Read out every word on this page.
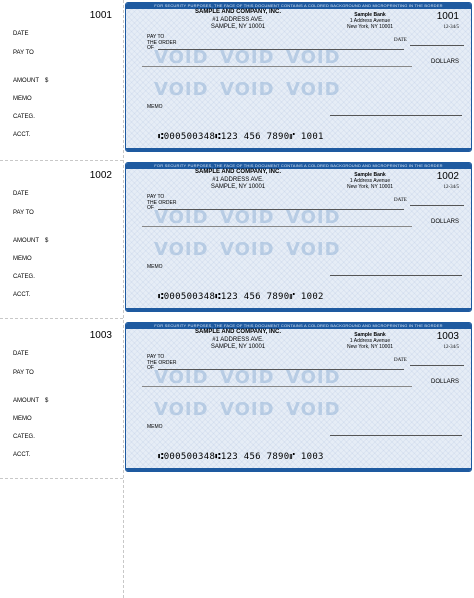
1001
DATE
PAY TO
AMOUNT $
MEMO
CATEG.
ACCT.
FOR SECURITY PURPOSES, THE FACE OF THIS DOCUMENT CONTAINS A COLORED BACKGROUND AND MICROPRINTING IN THE BORDER
SAMPLE AND COMPANY, INC.
#1 ADDRESS AVE.
SAMPLE, NY 10001
Sample Bank
1 Address Avenue
New York, NY 10001
1001
12-34/5
DATE
PAY TO
THE ORDER
OF
DOLLARS
VOID VOID VOID
VOID VOID VOID
MEMO
⑆000500348⑆123 456 7890⑈ 1001
1002
DATE
PAY TO
AMOUNT $
MEMO
CATEG.
ACCT.
FOR SECURITY PURPOSES, THE FACE OF THIS DOCUMENT CONTAINS A COLORED BACKGROUND AND MICROPRINTING IN THE BORDER
SAMPLE AND COMPANY, INC.
#1 ADDRESS AVE.
SAMPLE, NY 10001
Sample Bank
1 Address Avenue
New York, NY 10001
1002
12-34/5
DATE
PAY TO
THE ORDER
OF
DOLLARS
VOID VOID VOID
VOID VOID VOID
MEMO
⑆000500348⑆123 456 7890⑈ 1002
1003
DATE
PAY TO
AMOUNT $
MEMO
CATEG.
ACCT.
FOR SECURITY PURPOSES, THE FACE OF THIS DOCUMENT CONTAINS A COLORED BACKGROUND AND MICROPRINTING IN THE BORDER
SAMPLE AND COMPANY, INC.
#1 ADDRESS AVE.
SAMPLE, NY 10001
Sample Bank
1 Address Avenue
New York, NY 10001
1003
12-34/5
DATE
PAY TO
THE ORDER
OF
DOLLARS
VOID VOID VOID
VOID VOID VOID
MEMO
⑆000500348⑆123 456 7890⑈ 1003
